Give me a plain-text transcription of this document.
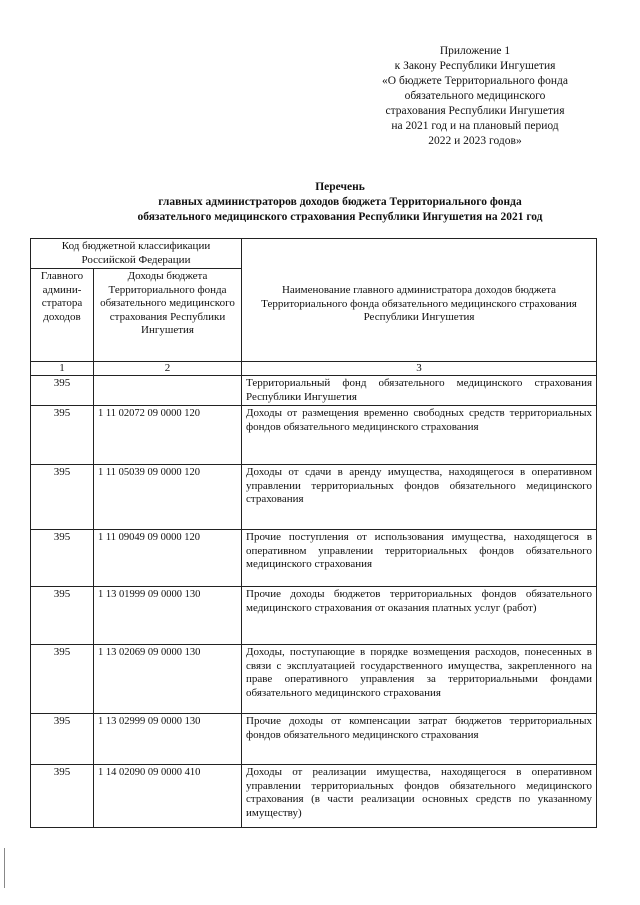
Приложение 1
к Закону Республики Ингушетия
«О бюджете Территориального фонда
обязательного медицинского
страхования Республики Ингушетия
на 2021 год и на плановый период
2022 и 2023 годов»
Перечень
главных администраторов доходов бюджета Территориального фонда
обязательного медицинского страхования Республики Ингушетия на 2021 год
Код бюджетной классификации Российской Федерации		Наименование главного администратора доходов бюджета Территориального фонда обязательного медицинского страхования Республики Ингушетия
Главного админи-стратора доходов	Доходы бюджета Территориального фонда обязательного медицинского страхования Республики Ингушетия	
1	2	3
395		Территориальный фонд обязательного медицинского страхования Республики Ингушетия
395	1 11 02072 09 0000 120	Доходы от размещения временно свободных средств территориальных фондов обязательного медицинского страхования
395	1 11 05039 09 0000 120	Доходы от сдачи в аренду имущества, находящегося в оперативном управлении территориальных фондов обязательного медицинского страхования
395	1 11 09049 09 0000 120	Прочие поступления от использования имущества, находящегося в оперативном управлении территориальных фондов обязательного медицинского страхования
395	1 13 01999 09 0000 130	Прочие доходы бюджетов территориальных фондов обязательного медицинского страхования от оказания платных услуг (работ)
395	1 13 02069 09 0000 130	Доходы, поступающие в порядке возмещения расходов, понесенных в связи с эксплуатацией государственного имущества, закрепленного на праве оперативного управления за территориальными фондами обязательного медицинского страхования
395	1 13 02999 09 0000 130	Прочие доходы от компенсации затрат бюджетов территориальных фондов обязательного медицинского страхования
395	1 14 02090 09 0000 410	Доходы от реализации имущества, находящегося в оперативном управлении территориальных фондов обязательного медицинского страхования (в части реализации основных средств по указанному имуществу)
